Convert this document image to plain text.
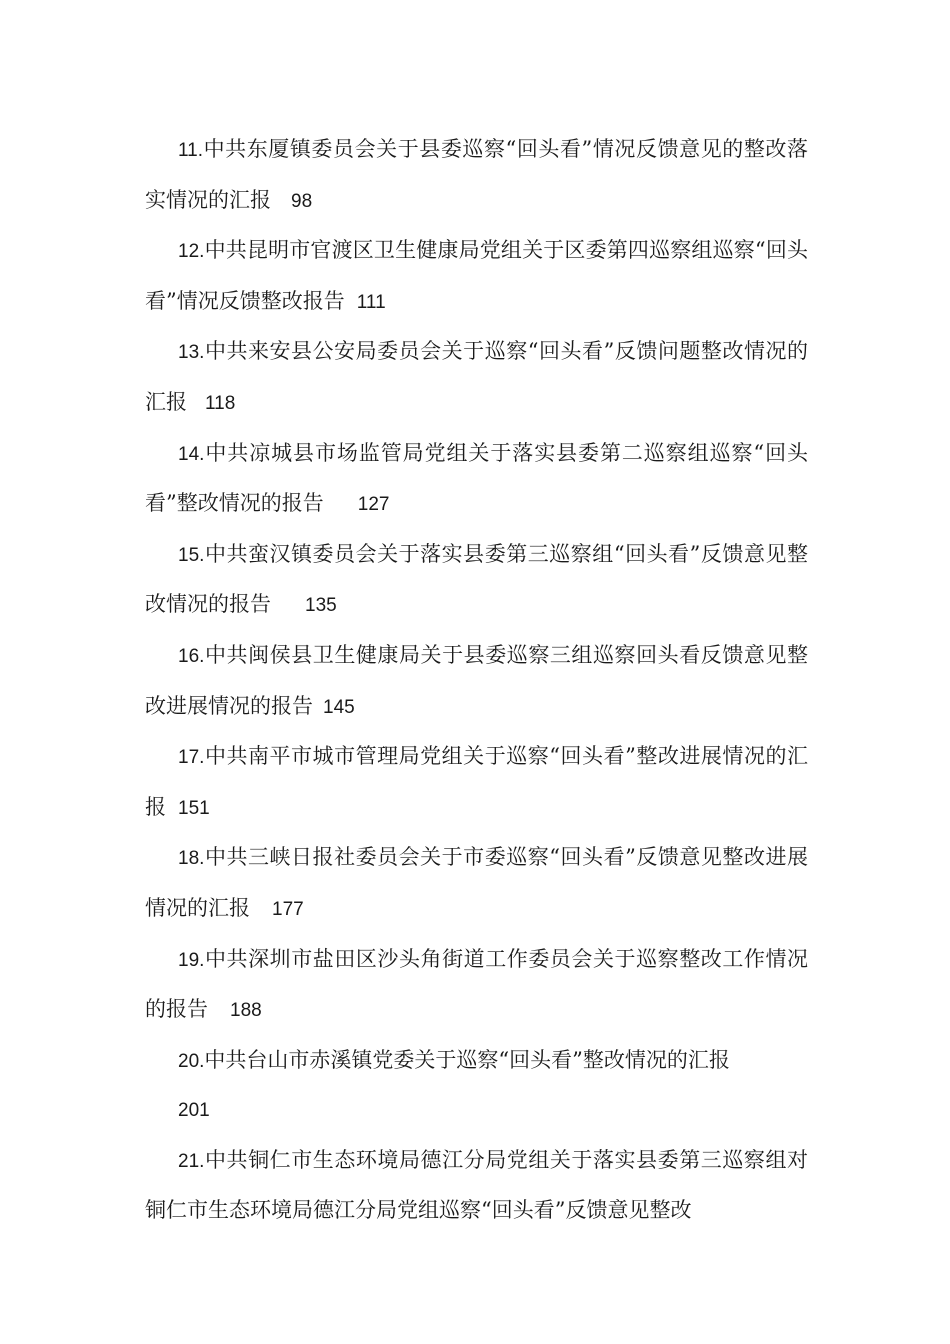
11.中共东厦镇委员会关于县委巡察“回头看”情况反馈意见的整改落实情况的汇报 98

12.中共昆明市官渡区卫生健康局党组关于区委第四巡察组巡察“回头看”情况反馈整改报告 111

13.中共来安县公安局委员会关于巡察“回头看”反馈问题整改情况的汇报 118

14.中共凉城县市场监管局党组关于落实县委第二巡察组巡察“回头看”整改情况的报告 127

15.中共蛮汉镇委员会关于落实县委第三巡察组“回头看”反馈意见整改情况的报告 135

16.中共闽侯县卫生健康局关于县委巡察三组巡察回头看反馈意见整改进展情况的报告 145

17.中共南平市城市管理局党组关于巡察“回头看”整改进展情况的汇报 151

18.中共三峡日报社委员会关于市委巡察“回头看”反馈意见整改进展情况的汇报 177

19.中共深圳市盐田区沙头角街道工作委员会关于巡察整改工作情况的报告 188

20.中共台山市赤溪镇党委关于巡察“回头看”整改情况的汇报
201

21.中共铜仁市生态环境局德江分局党组关于落实县委第三巡察组对铜仁市生态环境局德江分局党组巡察“回头看”反馈意见整改
